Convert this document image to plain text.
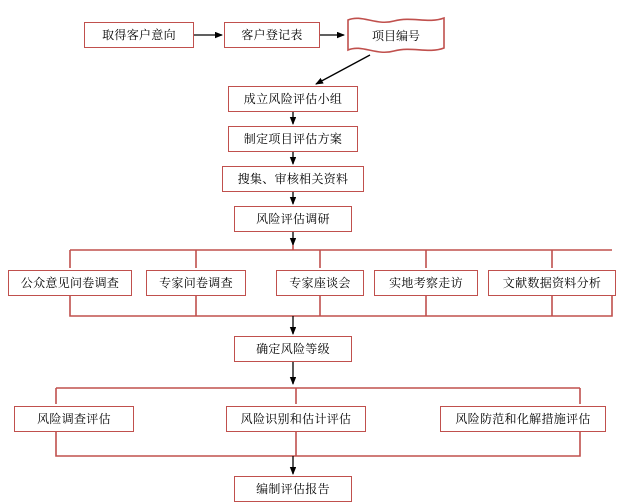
取得客户意向	客户登记表	项目编号
成立风险评估小组
制定项目评估方案
搜集、审核相关资料
风险评估调研
公众意见问卷调查	专家问卷调查	专家座谈会	实地考察走访	文献数据资料分析
确定风险等级
风险调查评估	风险识别和估计评估	风险防范和化解措施评估
编制评估报告
